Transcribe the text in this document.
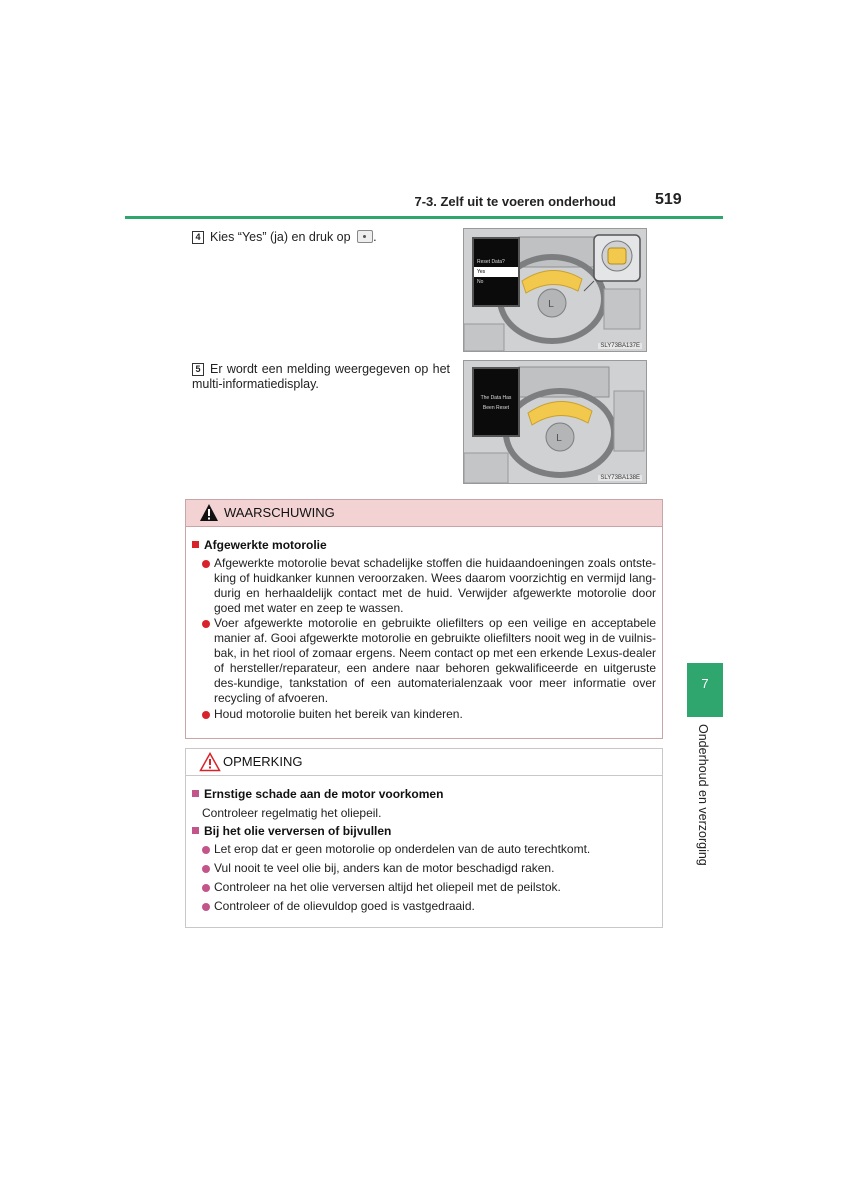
7-3. Zelf uit te voeren onderhoud 519
4 Kies “Yes” (ja) en druk op .
L
Reset Data?
Yes
No
SLY73BA137E
5 Er wordt een melding weergegeven op het multi-informatiedisplay.
L
The Data Has
Been Reset
SLY73BA138E
WAARSCHUWING
Afgewerkte motorolie
Afgewerkte motorolie bevat schadelijke stoffen die huidaandoeningen zoals ontste-king of huidkanker kunnen veroorzaken. Wees daarom voorzichtig en vermijd lang-durig en herhaaldelijk contact met de huid. Verwijder afgewerkte motorolie door goed met water en zeep te wassen.
Voer afgewerkte motorolie en gebruikte oliefilters op een veilige en acceptabele manier af. Gooi afgewerkte motorolie en gebruikte oliefilters nooit weg in de vuilnis-bak, in het riool of zomaar ergens. Neem contact op met een erkende Lexus-dealer of hersteller/reparateur, een andere naar behoren gekwalificeerde en uitgeruste des-kundige, tankstation of een automaterialenzaak voor meer informatie over recycling of afvoeren.
Houd motorolie buiten het bereik van kinderen.
OPMERKING
Ernstige schade aan de motor voorkomen
Controleer regelmatig het oliepeil.
Bij het olie verversen of bijvullen
Let erop dat er geen motorolie op onderdelen van de auto terechtkomt.
Vul nooit te veel olie bij, anders kan de motor beschadigd raken.
Controleer na het olie verversen altijd het oliepeil met de peilstok.
Controleer of de olievuldop goed is vastgedraaid.
7
Onderhoud en verzorging
